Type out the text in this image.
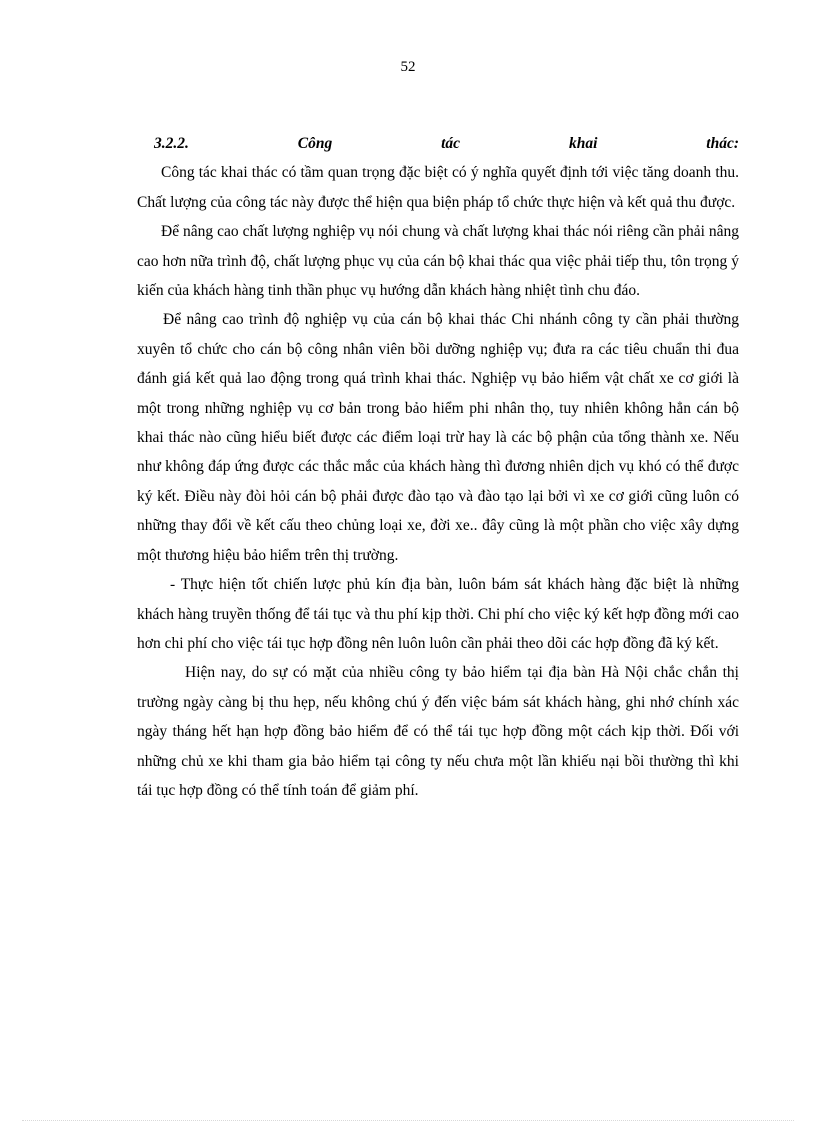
52

3.2.2.	Công	tác	khai	thác:

Công tác khai thác có tầm quan trọng đặc biệt có ý nghĩa quyết định tới việc tăng doanh thu. Chất lượng của công tác này được thể hiện qua biện pháp tổ chức thực hiện và kết quả thu được.

Để nâng cao chất lượng nghiệp vụ nói chung và chất lượng khai thác nói riêng cần phải nâng cao hơn nữa trình độ, chất lượng phục vụ của cán bộ khai thác qua việc phải tiếp thu, tôn trọng ý kiến của khách hàng tinh thần phục vụ hướng dẫn khách hàng nhiệt tình chu đáo.

Để nâng cao trình độ nghiệp vụ của cán bộ khai thác Chi nhánh công ty cần phải thường xuyên tổ chức cho cán bộ công nhân viên bồi dưỡng nghiệp vụ; đưa ra các tiêu chuẩn thi đua đánh giá kết quả lao động trong quá trình khai thác. Nghiệp vụ bảo hiểm vật chất xe cơ giới là một trong những nghiệp vụ cơ bản trong bảo hiểm phi nhân thọ, tuy nhiên không hẳn cán bộ khai thác nào cũng hiểu biết được các điểm loại trừ hay là các bộ phận của tổng thành xe. Nếu như không đáp ứng được các thắc mắc của khách hàng thì đương nhiên dịch vụ khó có thể được ký kết. Điều này đòi hỏi cán bộ phải được đào tạo và đào tạo lại bởi vì xe cơ giới cũng luôn có những thay đổi về kết cấu theo chủng loại xe, đời xe.. đây cũng là một phần cho việc xây dựng một thương hiệu bảo hiểm trên thị trường.

- Thực hiện tốt chiến lược phủ kín địa bàn, luôn bám sát khách hàng đặc biệt là những khách hàng truyền thống để tái tục và thu phí kịp thời. Chi phí cho việc ký kết hợp đồng mới cao hơn chi phí cho việc tái tục hợp đồng nên luôn luôn cần phải theo dõi các hợp đồng đã ký kết.

Hiện nay, do sự có mặt của nhiều công ty bảo hiểm tại địa bàn Hà Nội chắc chắn thị trường ngày càng bị thu hẹp, nếu không chú ý đến việc bám sát khách hàng, ghi nhớ chính xác ngày tháng hết hạn hợp đồng bảo hiểm để có thể tái tục hợp đồng một cách kịp thời. Đối với những chủ xe khi tham gia bảo hiểm tại công ty nếu chưa một lần khiếu nại bồi thường thì khi tái tục hợp đồng có thể tính toán để giảm phí.
